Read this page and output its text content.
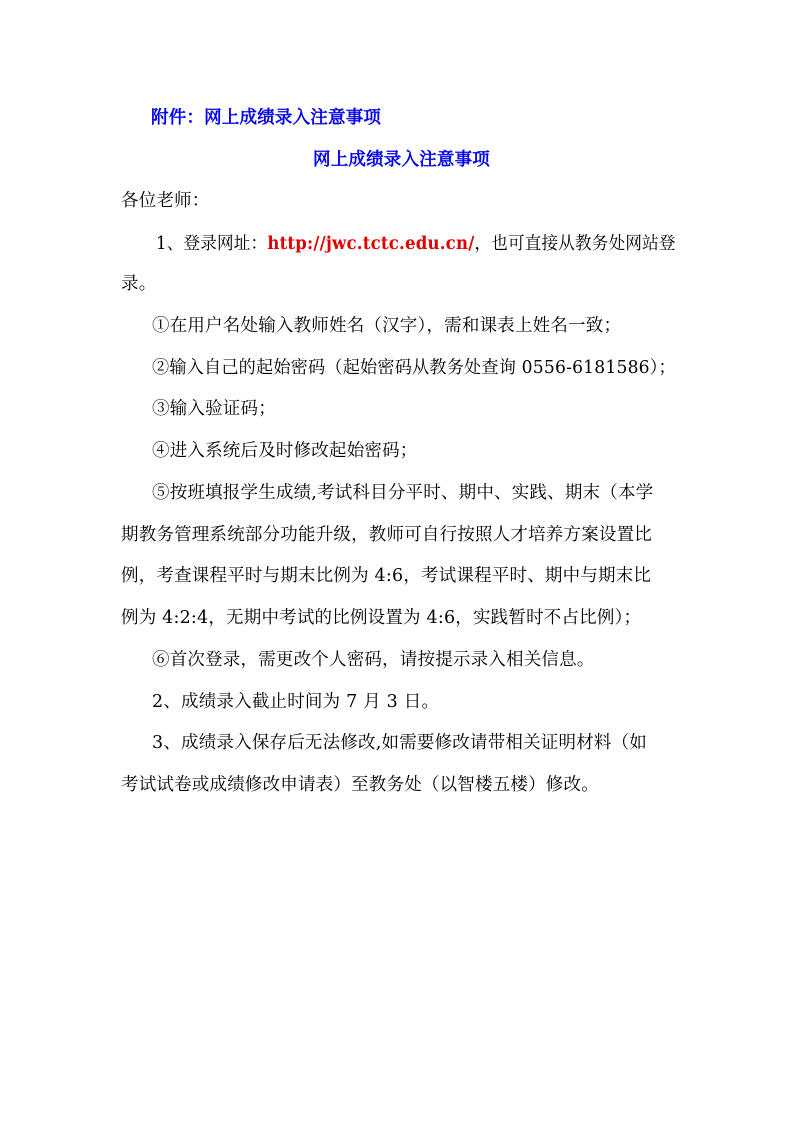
附件：网上成绩录入注意事项
网上成绩录入注意事项
各位老师：
1、登录网址：http://jwc.tctc.edu.cn/，也可直接从教务处网站登
录。
①在用户名处输入教师姓名（汉字），需和课表上姓名一致；
②输入自己的起始密码（起始密码从教务处查询 0556-6181586）；
③输入验证码；
④进入系统后及时修改起始密码；
⑤按班填报学生成绩,考试科目分平时、期中、实践、期末（本学
期教务管理系统部分功能升级，教师可自行按照人才培养方案设置比
例，考查课程平时与期末比例为 4:6，考试课程平时、期中与期末比
例为 4:2:4，无期中考试的比例设置为 4:6，实践暂时不占比例）；
⑥首次登录，需更改个人密码，请按提示录入相关信息。
2、成绩录入截止时间为 7 月 3 日。
3、成绩录入保存后无法修改,如需要修改请带相关证明材料（如
考试试卷或成绩修改申请表）至教务处（以智楼五楼）修改。
